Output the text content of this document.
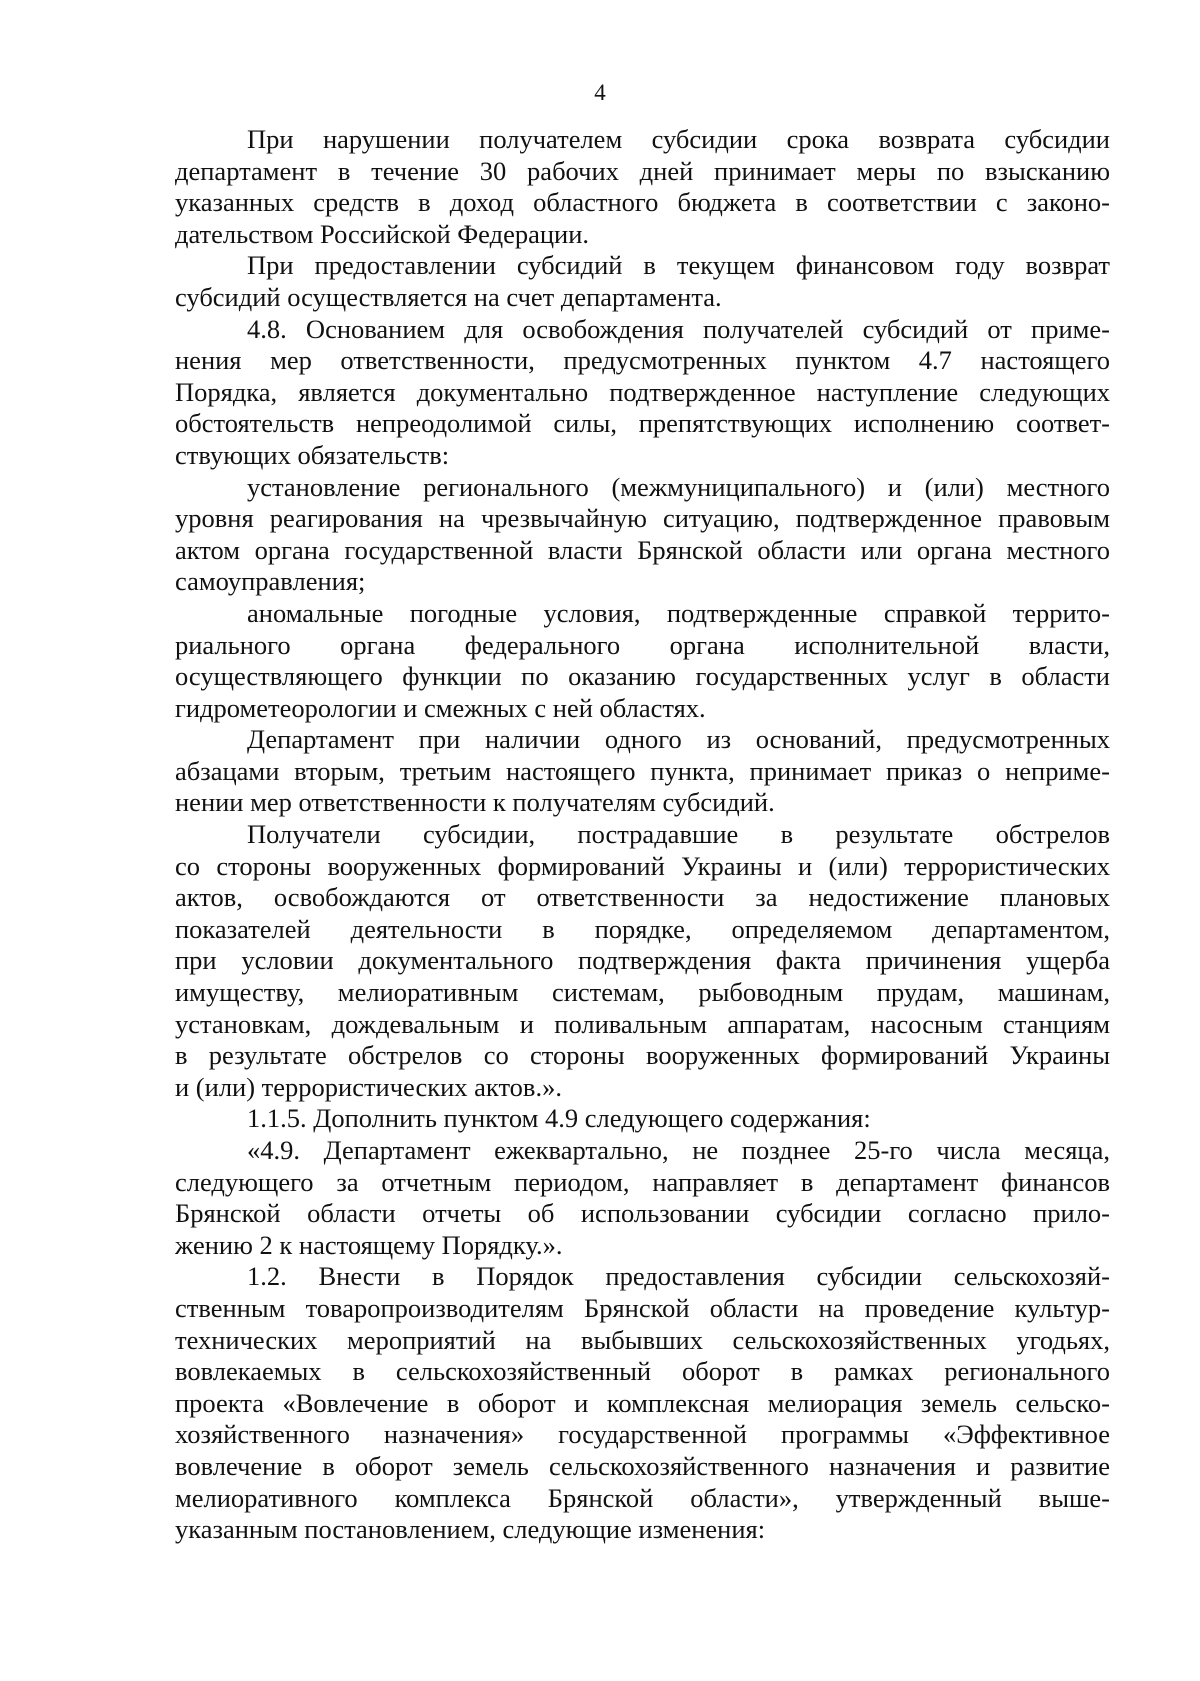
4
При нарушении получателем субсидии срока возврата субсидии
департамент в течение 30 рабочих дней принимает меры по взысканию
указанных средств в доход областного бюджета в соответствии с законо-
дательством Российской Федерации.
При предоставлении субсидий в текущем финансовом году возврат
субсидий осуществляется на счет департамента.
4.8. Основанием для освобождения получателей субсидий от приме-
нения мер ответственности, предусмотренных пунктом 4.7 настоящего
Порядка, является документально подтвержденное наступление следующих
обстоятельств непреодолимой силы, препятствующих исполнению соответ-
ствующих обязательств:
установление регионального (межмуниципального) и (или) местного
уровня реагирования на чрезвычайную ситуацию, подтвержденное правовым
актом органа государственной власти Брянской области или органа местного
самоуправления;
аномальные погодные условия, подтвержденные справкой террито-
риального органа федерального органа исполнительной власти,
осуществляющего функции по оказанию государственных услуг в области
гидрометеорологии и смежных с ней областях.
Департамент при наличии одного из оснований, предусмотренных
абзацами вторым, третьим настоящего пункта, принимает приказ о неприме-
нении мер ответственности к получателям субсидий.
Получатели субсидии, пострадавшие в результате обстрелов
со стороны вооруженных формирований Украины и (или) террористических
актов, освобождаются от ответственности за недостижение плановых
показателей деятельности в порядке, определяемом департаментом,
при условии документального подтверждения факта причинения ущерба
имуществу, мелиоративным системам, рыбоводным прудам, машинам,
установкам, дождевальным и поливальным аппаратам, насосным станциям
в результате обстрелов со стороны вооруженных формирований Украины
и (или) террористических актов.».
1.1.5. Дополнить пунктом 4.9 следующего содержания:
«4.9. Департамент ежеквартально, не позднее 25-го числа месяца,
следующего за отчетным периодом, направляет в департамент финансов
Брянской области отчеты об использовании субсидии согласно прило-
жению 2 к настоящему Порядку.».
1.2. Внести в Порядок предоставления субсидии сельскохозяй-
ственным товаропроизводителям Брянской области на проведение культур-
технических мероприятий на выбывших сельскохозяйственных угодьях,
вовлекаемых в сельскохозяйственный оборот в рамках регионального
проекта «Вовлечение в оборот и комплексная мелиорация земель сельско-
хозяйственного назначения» государственной программы «Эффективное
вовлечение в оборот земель сельскохозяйственного назначения и развитие
мелиоративного комплекса Брянской области», утвержденный выше-
указанным постановлением, следующие изменения:
